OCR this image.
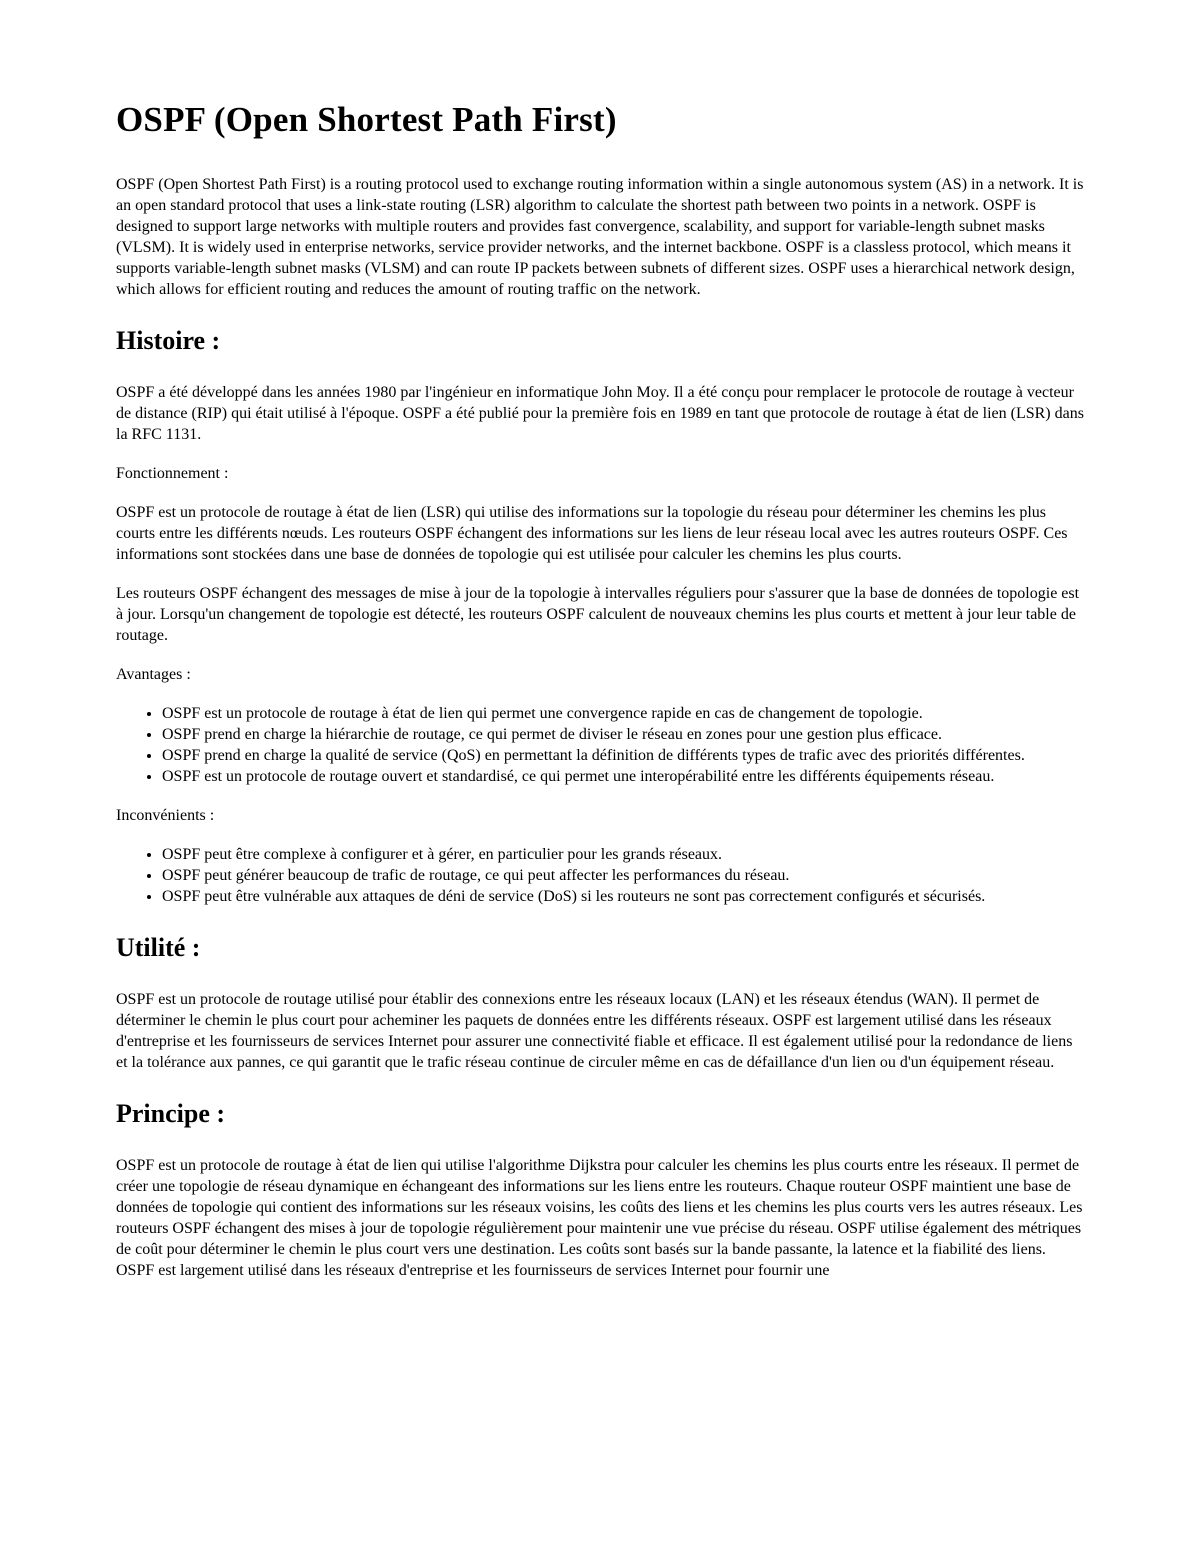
OSPF (Open Shortest Path First)

OSPF (Open Shortest Path First) is a routing protocol used to exchange routing information within a single autonomous system (AS) in a network. It is an open standard protocol that uses a link-state routing (LSR) algorithm to calculate the shortest path between two points in a network. OSPF is designed to support large networks with multiple routers and provides fast convergence, scalability, and support for variable-length subnet masks (VLSM). It is widely used in enterprise networks, service provider networks, and the internet backbone. OSPF is a classless protocol, which means it supports variable-length subnet masks (VLSM) and can route IP packets between subnets of different sizes. OSPF uses a hierarchical network design, which allows for efficient routing and reduces the amount of routing traffic on the network.

Histoire :

OSPF a été développé dans les années 1980 par l'ingénieur en informatique John Moy. Il a été conçu pour remplacer le protocole de routage à vecteur de distance (RIP) qui était utilisé à l'époque. OSPF a été publié pour la première fois en 1989 en tant que protocole de routage à état de lien (LSR) dans la RFC 1131.

Fonctionnement :

OSPF est un protocole de routage à état de lien (LSR) qui utilise des informations sur la topologie du réseau pour déterminer les chemins les plus courts entre les différents nœuds. Les routeurs OSPF échangent des informations sur les liens de leur réseau local avec les autres routeurs OSPF. Ces informations sont stockées dans une base de données de topologie qui est utilisée pour calculer les chemins les plus courts.

Les routeurs OSPF échangent des messages de mise à jour de la topologie à intervalles réguliers pour s'assurer que la base de données de topologie est à jour. Lorsqu'un changement de topologie est détecté, les routeurs OSPF calculent de nouveaux chemins les plus courts et mettent à jour leur table de routage.

Avantages :

• OSPF est un protocole de routage à état de lien qui permet une convergence rapide en cas de changement de topologie.
• OSPF prend en charge la hiérarchie de routage, ce qui permet de diviser le réseau en zones pour une gestion plus efficace.
• OSPF prend en charge la qualité de service (QoS) en permettant la définition de différents types de trafic avec des priorités différentes.
• OSPF est un protocole de routage ouvert et standardisé, ce qui permet une interopérabilité entre les différents équipements réseau.

Inconvénients :

• OSPF peut être complexe à configurer et à gérer, en particulier pour les grands réseaux.
• OSPF peut générer beaucoup de trafic de routage, ce qui peut affecter les performances du réseau.
• OSPF peut être vulnérable aux attaques de déni de service (DoS) si les routeurs ne sont pas correctement configurés et sécurisés.
Utilité :

OSPF est un protocole de routage utilisé pour établir des connexions entre les réseaux locaux (LAN) et les réseaux étendus (WAN). Il permet de déterminer le chemin le plus court pour acheminer les paquets de données entre les différents réseaux. OSPF est largement utilisé dans les réseaux d'entreprise et les fournisseurs de services Internet pour assurer une connectivité fiable et efficace. Il est également utilisé pour la redondance de liens et la tolérance aux pannes, ce qui garantit que le trafic réseau continue de circuler même en cas de défaillance d'un lien ou d'un équipement réseau.

Principe :

OSPF est un protocole de routage à état de lien qui utilise l'algorithme Dijkstra pour calculer les chemins les plus courts entre les réseaux. Il permet de créer une topologie de réseau dynamique en échangeant des informations sur les liens entre les routeurs. Chaque routeur OSPF maintient une base de données de topologie qui contient des informations sur les réseaux voisins, les coûts des liens et les chemins les plus courts vers les autres réseaux. Les routeurs OSPF échangent des mises à jour de topologie régulièrement pour maintenir une vue précise du réseau. OSPF utilise également des métriques de coût pour déterminer le chemin le plus court vers une destination. Les coûts sont basés sur la bande passante, la latence et la fiabilité des liens. OSPF est largement utilisé dans les réseaux d'entreprise et les fournisseurs de services Internet pour fournir une
